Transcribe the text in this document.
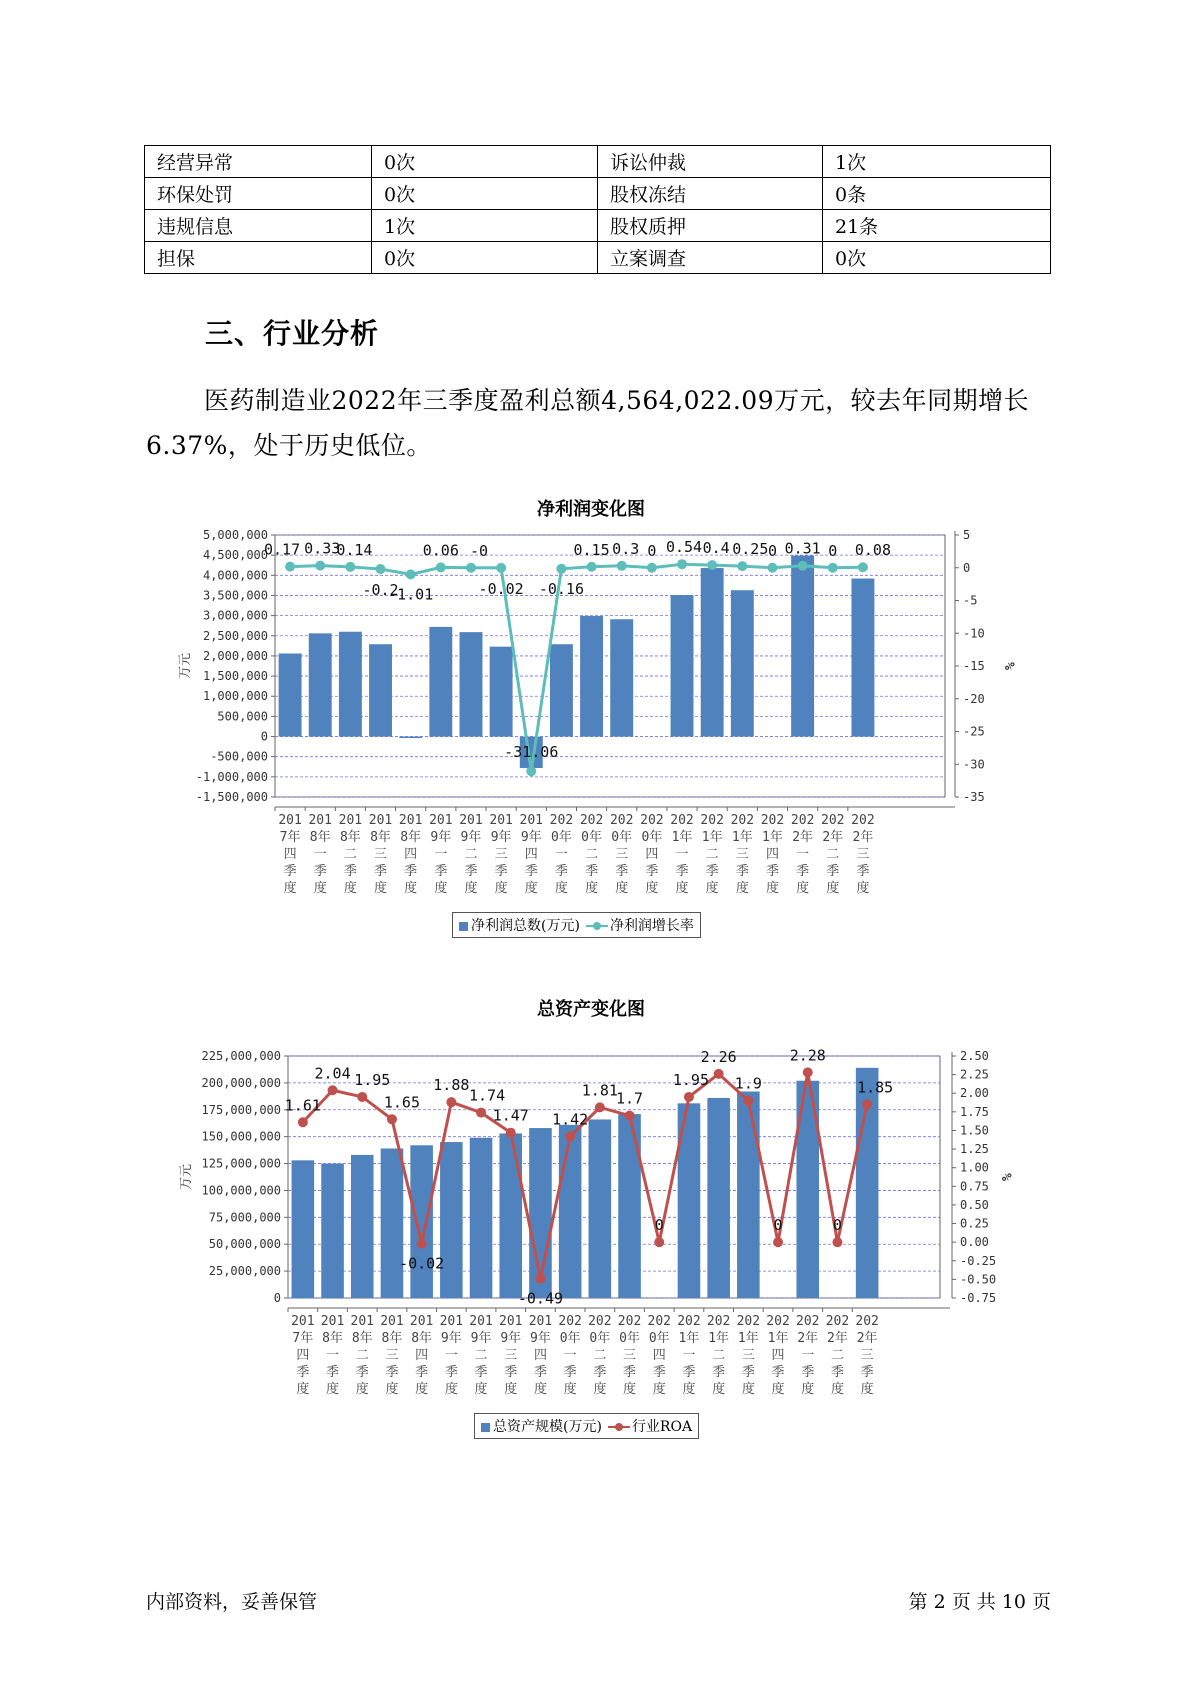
经营异常	0次	诉讼仲裁	1次
环保处罚	0次	股权冻结	0条
违规信息	1次	股权质押	21条
担保	0次	立案调查	0次
三、行业分析
医药制造业2022年三季度盈利总额4,564,022.09万元，较去年同期增长6.37%，处于历史低位。
净利润变化图
5,000,000
4,500,000
4,000,000
3,500,000
3,000,000
2,500,000
2,000,000
1,500,000
1,000,000
500,000
0
-500,000
-1,000,000
-1,500,000
5
0
-5
-10
-15
-20
-25
-30
-35
万元	%
201
7年
四
季
度
201
8年
一
季
度
201
8年
二
季
度
201
8年
三
季
度
201
8年
四
季
度
201
9年
一
季
度
201
9年
二
季
度
201
9年
三
季
度
201
9年
四
季
度
202
0年
一
季
度
202
0年
二
季
度
202
0年
三
季
度
202
0年
四
季
度
202
1年
一
季
度
202
1年
二
季
度
202
1年
三
季
度
202
1年
四
季
度
202
2年
一
季
度
202
2年
二
季
度
202
2年
三
季
度
0.17 0.33
0.14
-0.2
-1.01
0.06 -0
-0.02
-31.06
-0.16
0.15 0.3 0 0.54 0.4 0.25 0 0.31 0 0.08
净利润总数(万元) 净利润增长率
总资产变化图
225,000,000
200,000,000
175,000,000
150,000,000
125,000,000
100,000,000
75,000,000
50,000,000
25,000,000
0
2.50
2.25
2.00
1.75
1.50
1.25
1.00
0.75
0.50
0.25
0.00
-0.25
-0.50
-0.75
万元	%
201
7年
四
季
度
201
8年
一
季
度
201
8年
二
季
度
201
8年
三
季
度
201
8年
四
季
度
201
9年
一
季
度
201
9年
二
季
度
201
9年
三
季
度
201
9年
四
季
度
202
0年
一
季
度
202
0年
二
季
度
202
0年
三
季
度
202
0年
四
季
度
202
1年
一
季
度
202
1年
二
季
度
202
1年
三
季
度
202
1年
四
季
度
202
2年
一
季
度
202
2年
二
季
度
202
2年
三
季
度
1.61
2.04 1.95
1.65
-0.02
1.88
1.74
1.47
-0.49
1.42
1.81
1.7
0
1.95
2.26
1.9
0
2.28
0
1.85
总资产规模(万元) 行业ROA
内部资料，妥善保管	第 2 页 共 10 页
